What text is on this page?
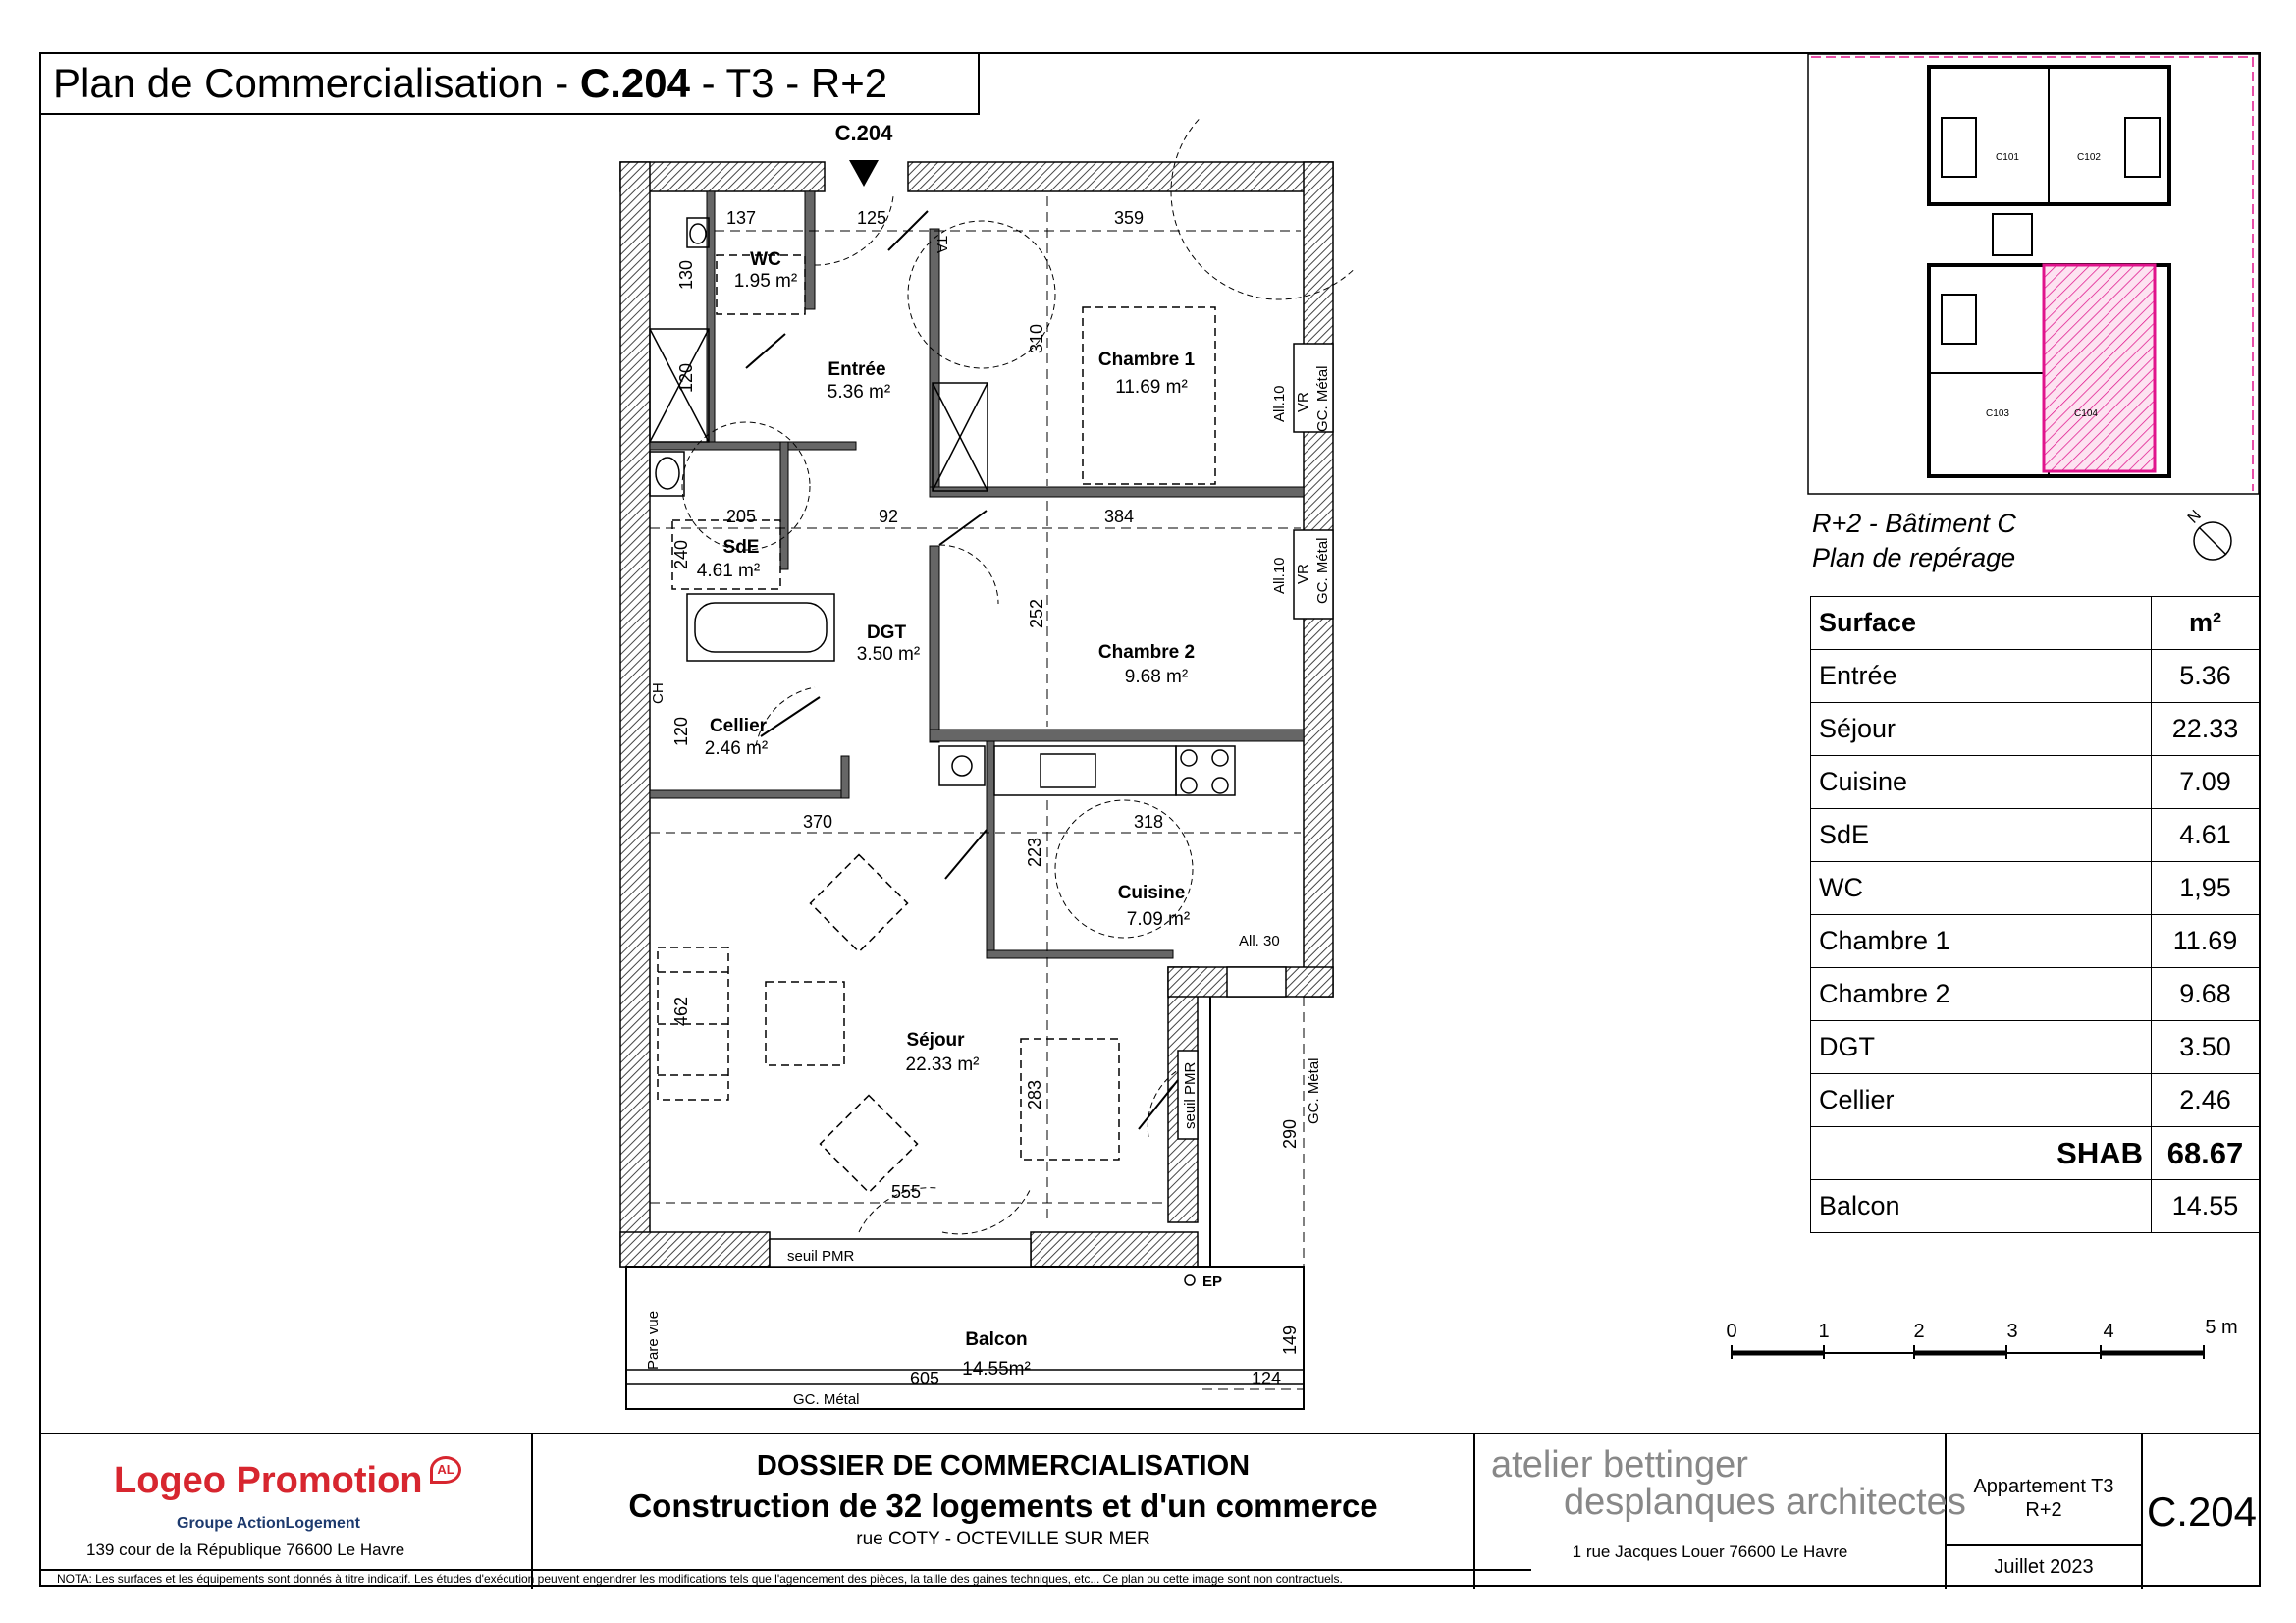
Plan de Commercialisation - C.204 - T3 - R+2
C.204
WC
1.95 m²
Entrée
5.36 m²
Chambre 1
11.69 m²
SdE
4.61 m²
DGT
3.50 m²	Chambre 2
9.68 m²
Cellier
2.46 m²
Cuisine
7.09 m²
Séjour
22.33 m²
Balcon
14.55m²
137	125	359
130
120
310
205	92	384
240
252
120
370	318
223
462
283
555
290
605
149
124
TA
All.10 VR GC. Métal
All.10 VR GC. Métal
CH
All. 30
seuil PMR	GC. Métal
seuil PMR
EP
Pare vue
GC. Métal
C101	C102
C103	C104
R+2 - Bâtiment C
Plan de repérage
N
Surface	m²
Entrée	5.36
Séjour	22.33
Cuisine	7.09
SdE	4.61
WC	1,95
Chambre 1	11.69
Chambre 2	9.68
DGT	3.50
Cellier	2.46
SHAB	68.67
Balcon	14.55
0	1	2	3	4	5 m
Logeo Promotion	AL
Groupe ActionLogement
139 cour de la République 76600 Le Havre
DOSSIER DE COMMERCIALISATION
Construction de 32 logements et d'un commerce
rue COTY - OCTEVILLE SUR MER
atelier bettinger
desplanques architectes
1 rue Jacques Louer 76600 Le Havre
Appartement T3
R+2
Juillet 2023
C.204
NOTA: Les surfaces et les équipements sont donnés à titre indicatif. Les études d'exécution peuvent engendrer les modifications tels que l'agencement des pièces, la taille des gaines techniques, etc... Ce plan ou cette image sont non contractuels.
